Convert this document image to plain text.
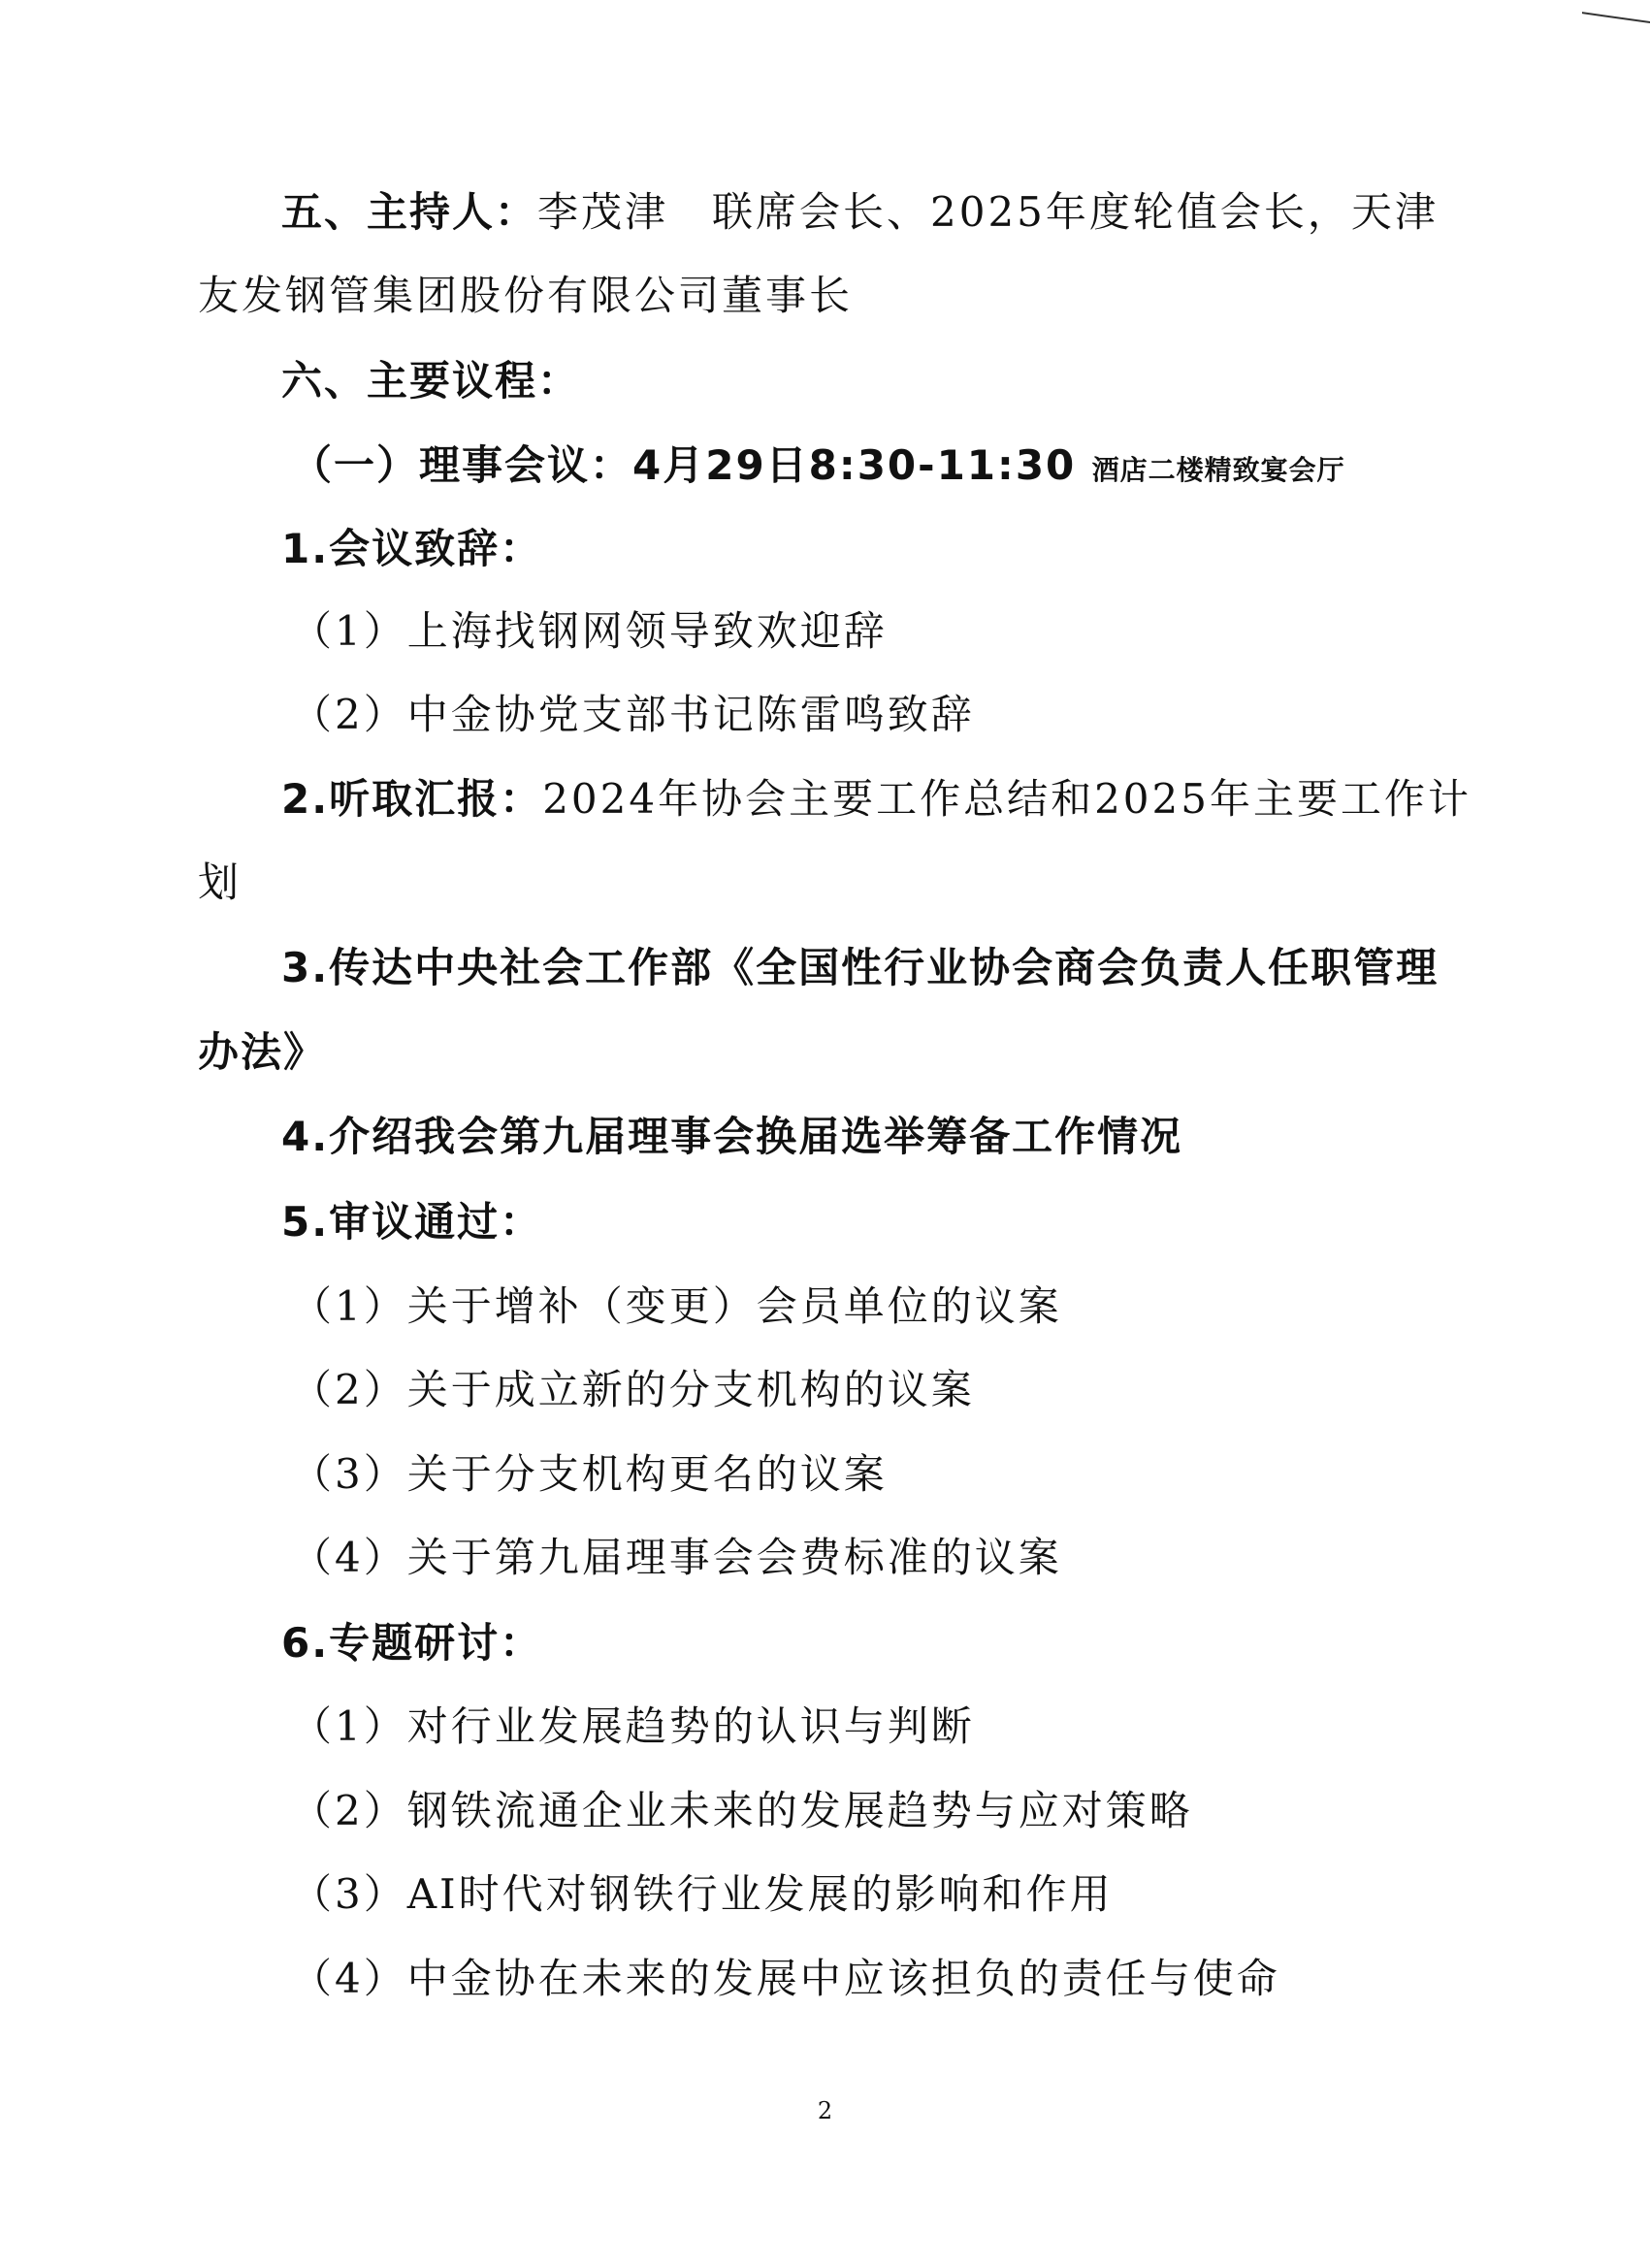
五、主持人：李茂津　联席会长、2025年度轮值会长，天津
友发钢管集团股份有限公司董事长
六、主要议程：
（一）理事会议：4月29日8:30-11:30 酒店二楼精致宴会厅
1.会议致辞：
（1）上海找钢网领导致欢迎辞
（2）中金协党支部书记陈雷鸣致辞
2.听取汇报：2024年协会主要工作总结和2025年主要工作计
划
3.传达中央社会工作部《全国性行业协会商会负责人任职管理
办法》
4.介绍我会第九届理事会换届选举筹备工作情况
5.审议通过：
（1）关于增补（变更）会员单位的议案
（2）关于成立新的分支机构的议案
（3）关于分支机构更名的议案
（4）关于第九届理事会会费标准的议案
6.专题研讨：
（1）对行业发展趋势的认识与判断
（2）钢铁流通企业未来的发展趋势与应对策略
（3）AI时代对钢铁行业发展的影响和作用
（4）中金协在未来的发展中应该担负的责任与使命
2
